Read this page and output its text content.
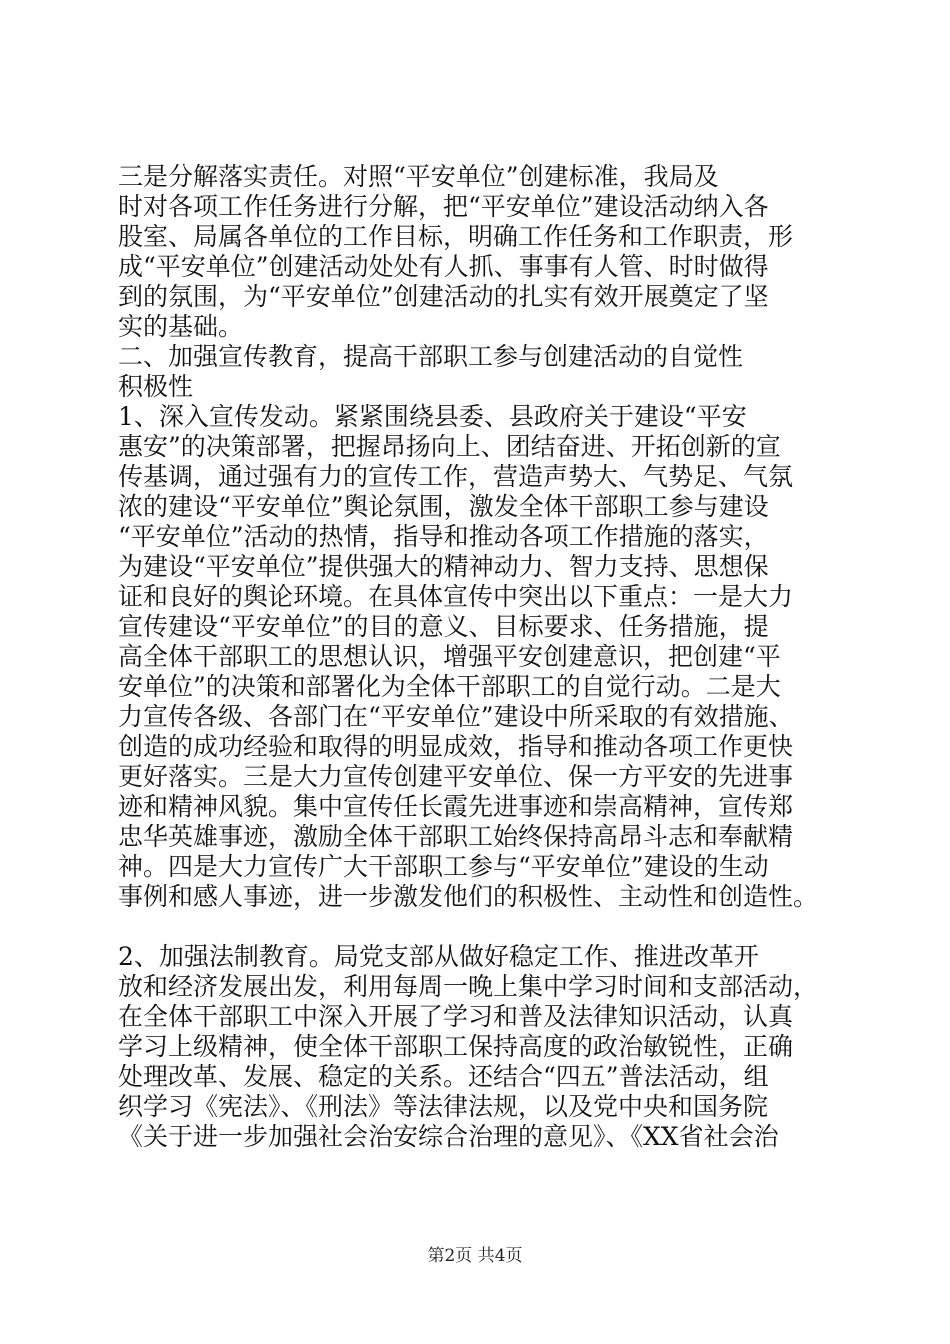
三是分解落实责任。对照“平安单位”创建标准，我局及
时对各项工作任务进行分解，把“平安单位”建设活动纳入各
股室、局属各单位的工作目标，明确工作任务和工作职责，形
成“平安单位”创建活动处处有人抓、事事有人管、时时做得
到的氛围，为“平安单位”创建活动的扎实有效开展奠定了坚
实的基础。
二、加强宣传教育，提高干部职工参与创建活动的自觉性
积极性
1、深入宣传发动。紧紧围绕县委、县政府关于建设“平安
惠安”的决策部署，把握昂扬向上、团结奋进、开拓创新的宣
传基调，通过强有力的宣传工作，营造声势大、气势足、气氛
浓的建设“平安单位”舆论氛围，激发全体干部职工参与建设
“平安单位”活动的热情，指导和推动各项工作措施的落实，
为建设“平安单位”提供强大的精神动力、智力支持、思想保
证和良好的舆论环境。在具体宣传中突出以下重点：一是大力
宣传建设“平安单位”的目的意义、目标要求、任务措施，提
高全体干部职工的思想认识，增强平安创建意识，把创建“平
安单位”的决策和部署化为全体干部职工的自觉行动。二是大
力宣传各级、各部门在“平安单位”建设中所采取的有效措施、
创造的成功经验和取得的明显成效，指导和推动各项工作更快
更好落实。三是大力宣传创建平安单位、保一方平安的先进事
迹和精神风貌。集中宣传任长霞先进事迹和崇高精神，宣传郑
忠华英雄事迹，激励全体干部职工始终保持高昂斗志和奉献精
神。四是大力宣传广大干部职工参与“平安单位”建设的生动
事例和感人事迹，进一步激发他们的积极性、主动性和创造性。
2、加强法制教育。局党支部从做好稳定工作、推进改革开
放和经济发展出发，利用每周一晚上集中学习时间和支部活动，
在全体干部职工中深入开展了学习和普及法律知识活动，认真
学习上级精神，使全体干部职工保持高度的政治敏锐性，正确
处理改革、发展、稳定的关系。还结合“四五”普法活动，组
织学习《宪法》、《刑法》等法律法规，以及党中央和国务院
《关于进一步加强社会治安综合治理的意见》、《XX省社会治
第2页 共4页
